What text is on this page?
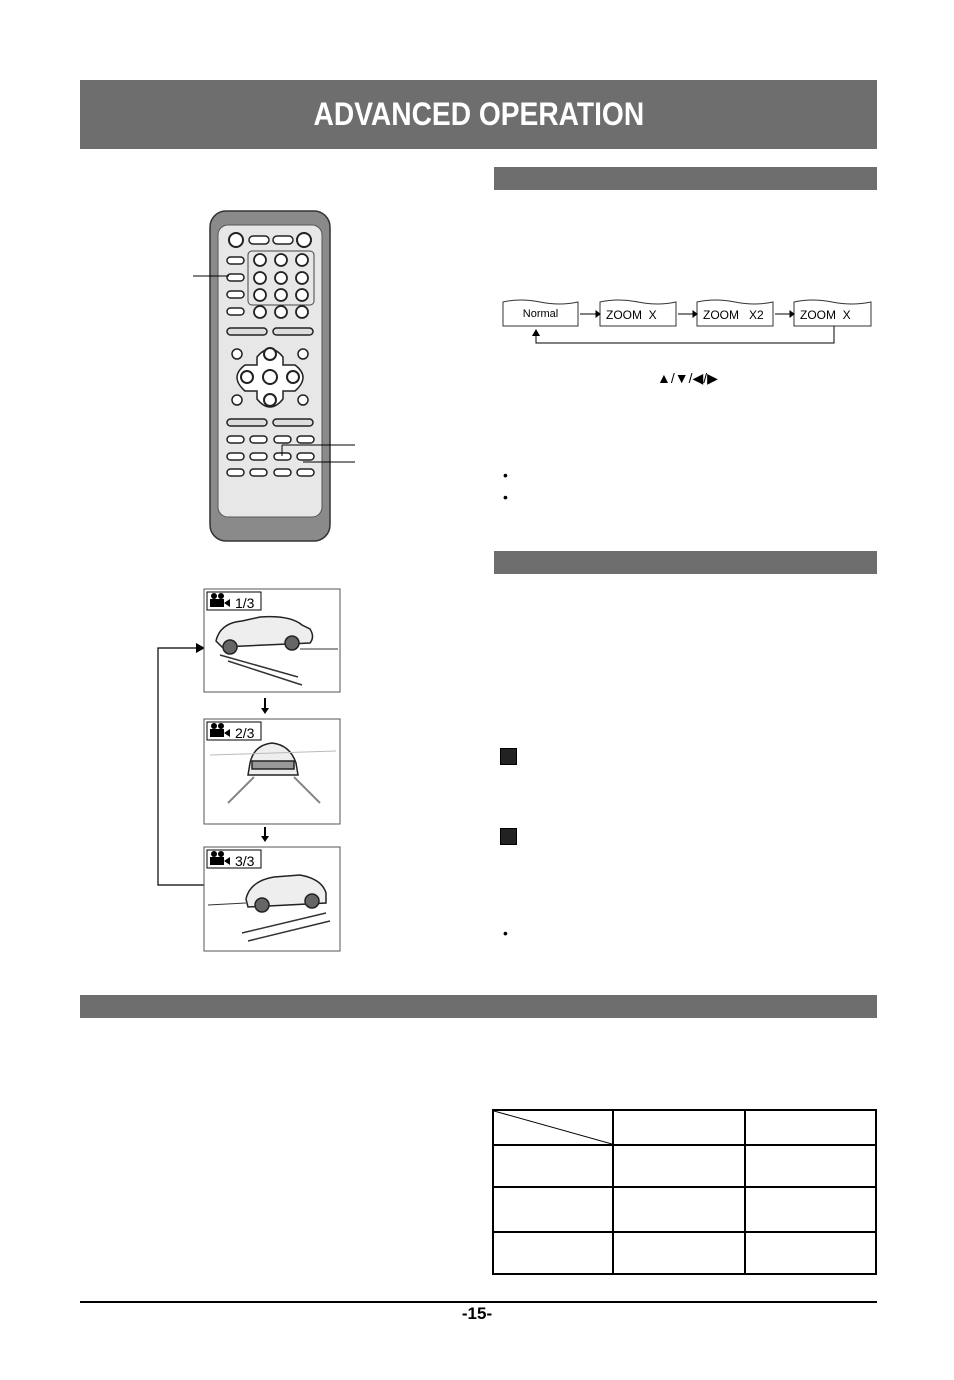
ADVANCED OPERATION
Normal	ZOOM  X	ZOOM   X2	ZOOM  X
▲/▼/◀/▶
•
•
•
1/3
2/3
3/3

-15-
